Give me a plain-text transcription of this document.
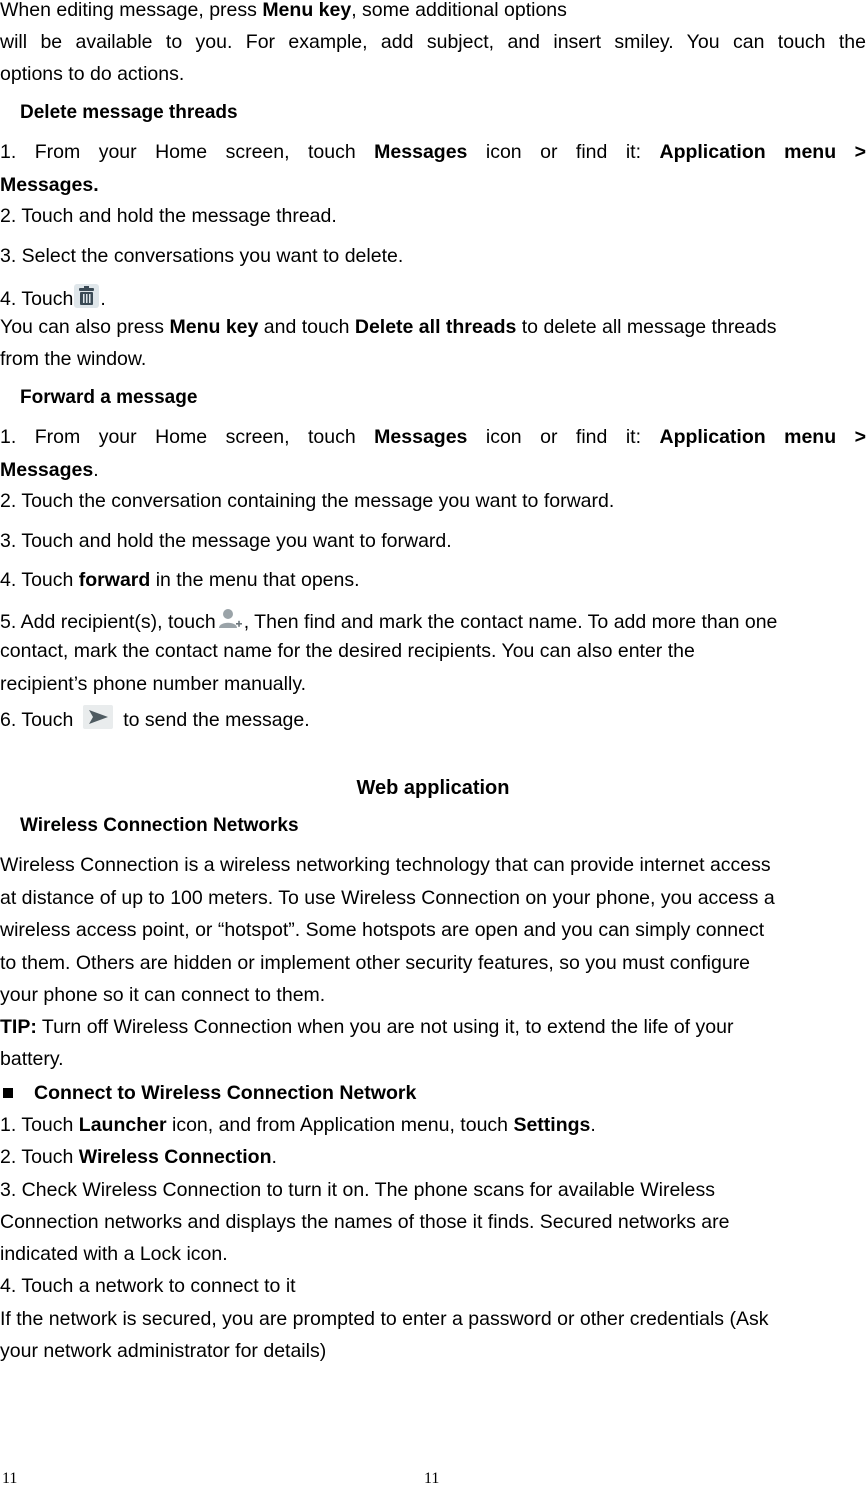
When editing message, press Menu key, some additional options
will be available to you. For example, add subject, and insert smiley. You can touch the
options to do actions.
Delete message threads
1. From your Home screen, touch Messages icon or find it: Application menu >
Messages.
2. Touch and hold the message thread.
3. Select the conversations you want to delete.
4. Touch .
You can also press Menu key and touch Delete all threads to delete all message threads
from the window.
Forward a message
1. From your Home screen, touch Messages icon or find it: Application menu >
Messages.
2. Touch the conversation containing the message you want to forward.
3. Touch and hold the message you want to forward.
4. Touch forward in the menu that opens.
5. Add recipient(s), touch , Then find and mark the contact name. To add more than one
contact, mark the contact name for the desired recipients. You can also enter the
recipient’s phone number manually.
6. Touch  to send the message.
Web application
Wireless Connection Networks
Wireless Connection is a wireless networking technology that can provide internet access
at distance of up to 100 meters. To use Wireless Connection on your phone, you access a
wireless access point, or “hotspot”. Some hotspots are open and you can simply connect
to them. Others are hidden or implement other security features, so you must configure
your phone so it can connect to them.
TIP: Turn off Wireless Connection when you are not using it, to extend the life of your
battery.
Connect to Wireless Connection Network
1. Touch Launcher icon, and from Application menu, touch Settings.
2. Touch Wireless Connection.
3. Check Wireless Connection to turn it on. The phone scans for available Wireless
Connection networks and displays the names of those it finds. Secured networks are
indicated with a Lock icon.
4. Touch a network to connect to it
If the network is secured, you are prompted to enter a password or other credentials (Ask
your network administrator for details)
11	11
